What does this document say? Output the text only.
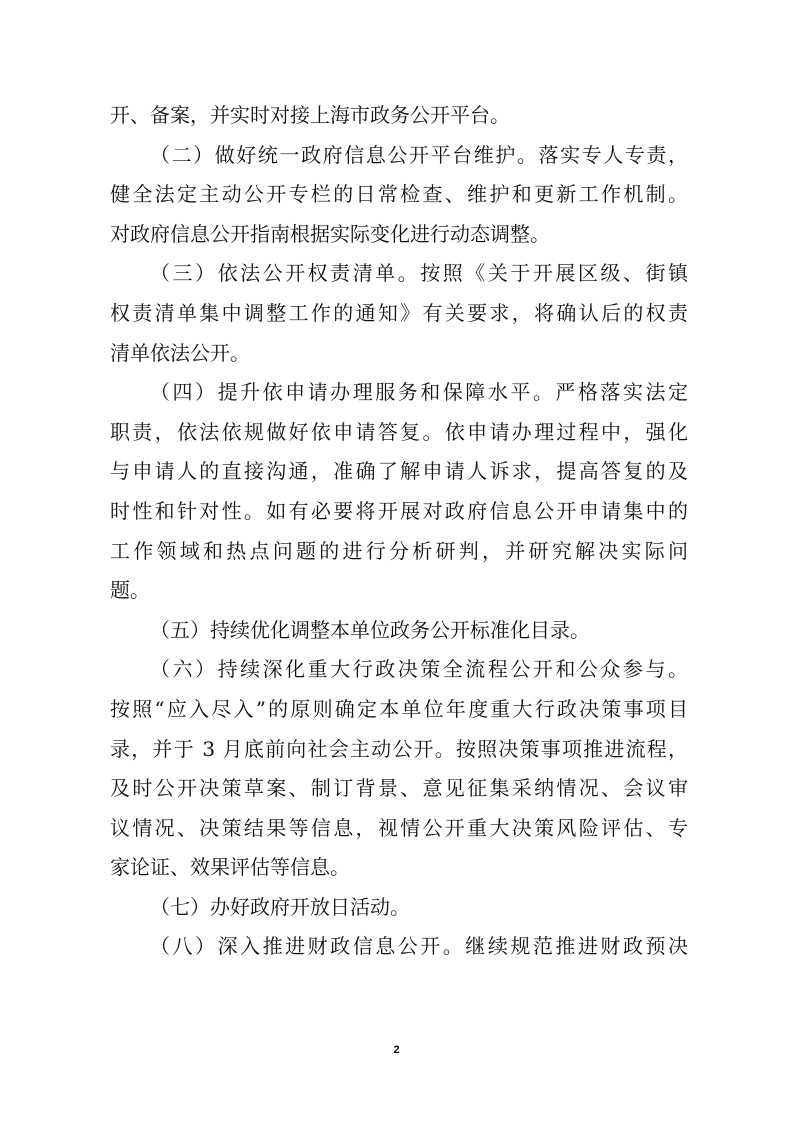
开、备案，并实时对接上海市政务公开平台。
（二）做好统一政府信息公开平台维护。落实专人专责，
健全法定主动公开专栏的日常检查、维护和更新工作机制。
对政府信息公开指南根据实际变化进行动态调整。
（三）依法公开权责清单。按照《关于开展区级、街镇
权责清单集中调整工作的通知》有关要求，将确认后的权责
清单依法公开。
（四）提升依申请办理服务和保障水平。严格落实法定
职责，依法依规做好依申请答复。依申请办理过程中，强化
与申请人的直接沟通，准确了解申请人诉求，提高答复的及
时性和针对性。如有必要将开展对政府信息公开申请集中的
工作领域和热点问题的进行分析研判，并研究解决实际问
题。
（五）持续优化调整本单位政务公开标准化目录。
（六）持续深化重大行政决策全流程公开和公众参与。
按照“应入尽入”的原则确定本单位年度重大行政决策事项目
录，并于 3 月底前向社会主动公开。按照决策事项推进流程，
及时公开决策草案、制订背景、意见征集采纳情况、会议审
议情况、决策结果等信息，视情公开重大决策风险评估、专
家论证、效果评估等信息。
（七）办好政府开放日活动。
（八）深入推进财政信息公开。继续规范推进财政预决
2
